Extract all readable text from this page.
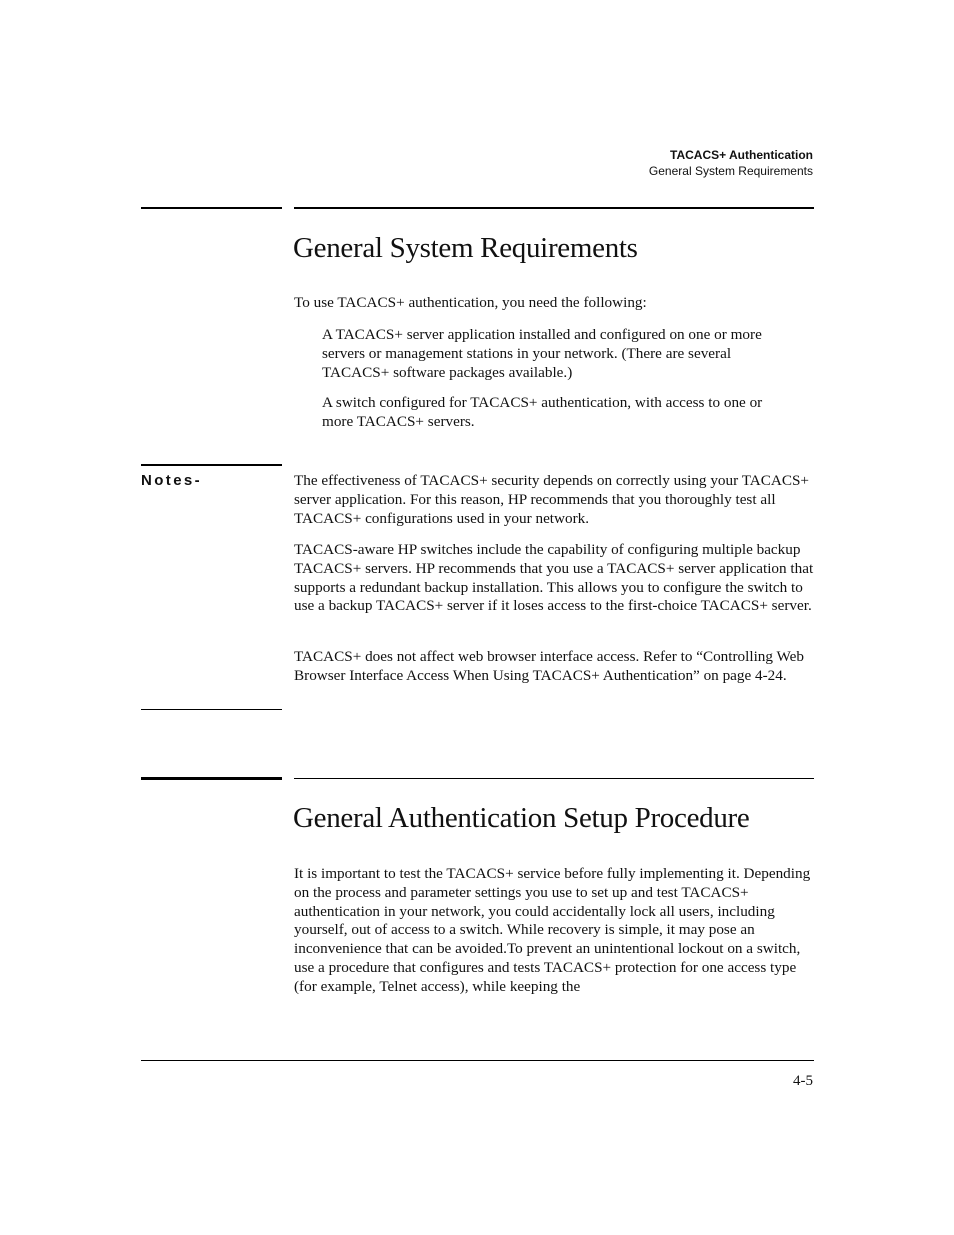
TACACS+ Authentication
General System Requirements
General System Requirements

To use TACACS+ authentication, you need the following:

A TACACS+ server application installed and configured on one or more servers or management stations in your network. (There are several TACACS+ software packages available.)

A switch configured for TACACS+ authentication, with access to one or more TACACS+ servers.

Notes-	The effectiveness of TACACS+ security depends on correctly using your TACACS+ server application. For this reason, HP recommends that you thoroughly test all TACACS+ configurations used in your network.

TACACS-aware HP switches include the capability of configuring multiple backup TACACS+ servers. HP recommends that you use a TACACS+ server application that supports a redundant backup installation. This allows you to configure the switch to use a backup TACACS+ server if it loses access to the first-choice TACACS+ server.

TACACS+ does not affect web browser interface access. Refer to “Controlling Web Browser Interface Access When Using TACACS+ Authentication” on page 4-24.

General Authentication Setup Procedure

It is important to test the TACACS+ service before fully implementing it. Depending on the process and parameter settings you use to set up and test TACACS+ authentication in your network, you could accidentally lock all users, including yourself, out of access to a switch. While recovery is simple, it may pose an inconvenience that can be avoided.To prevent an unintentional lockout on a switch, use a procedure that configures and tests TACACS+ protection for one access type (for example, Telnet access), while keeping the

4-5
